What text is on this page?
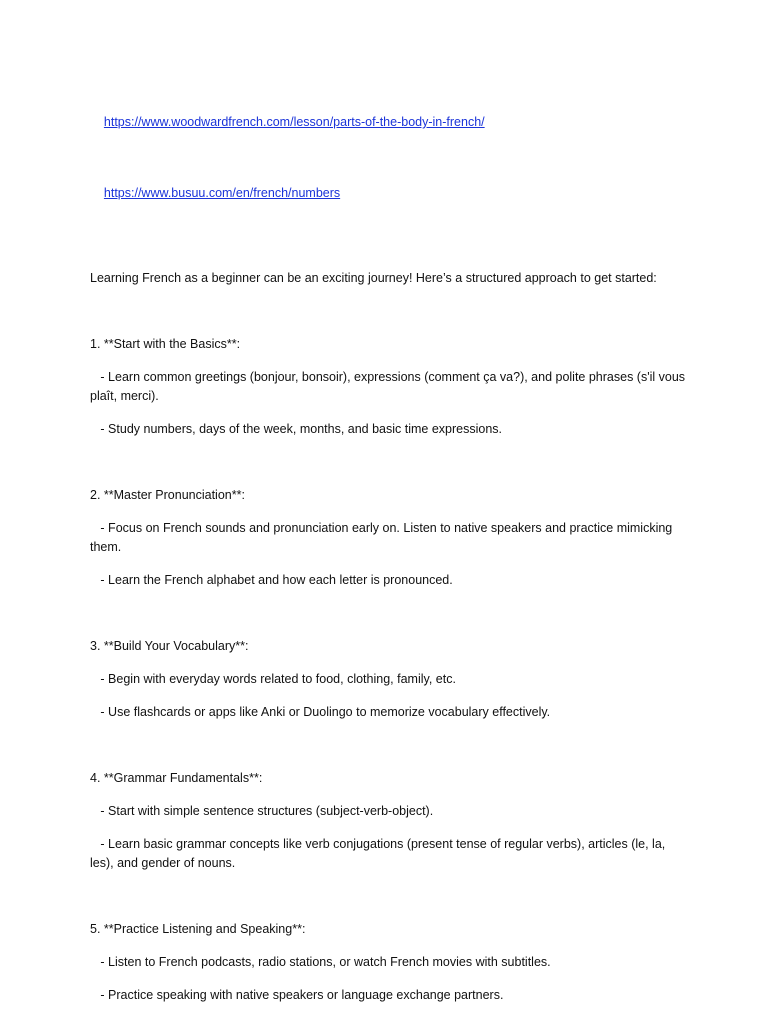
https://www.woodwardfrench.com/lesson/parts-of-the-body-in-french/

https://www.busuu.com/en/french/numbers

Learning French as a beginner can be an exciting journey! Here’s a structured approach to get started:

1. **Start with the Basics**:

- Learn common greetings (bonjour, bonsoir), expressions (comment ça va?), and polite phrases (s'il vous plaît, merci).

- Study numbers, days of the week, months, and basic time expressions.

2. **Master Pronunciation**:

- Focus on French sounds and pronunciation early on. Listen to native speakers and practice mimicking them.

- Learn the French alphabet and how each letter is pronounced.

3. **Build Your Vocabulary**:

- Begin with everyday words related to food, clothing, family, etc.

- Use flashcards or apps like Anki or Duolingo to memorize vocabulary effectively.

4. **Grammar Fundamentals**:

- Start with simple sentence structures (subject-verb-object).

- Learn basic grammar concepts like verb conjugations (present tense of regular verbs), articles (le, la, les), and gender of nouns.

5. **Practice Listening and Speaking**:

- Listen to French podcasts, radio stations, or watch French movies with subtitles.

- Practice speaking with native speakers or language exchange partners.
